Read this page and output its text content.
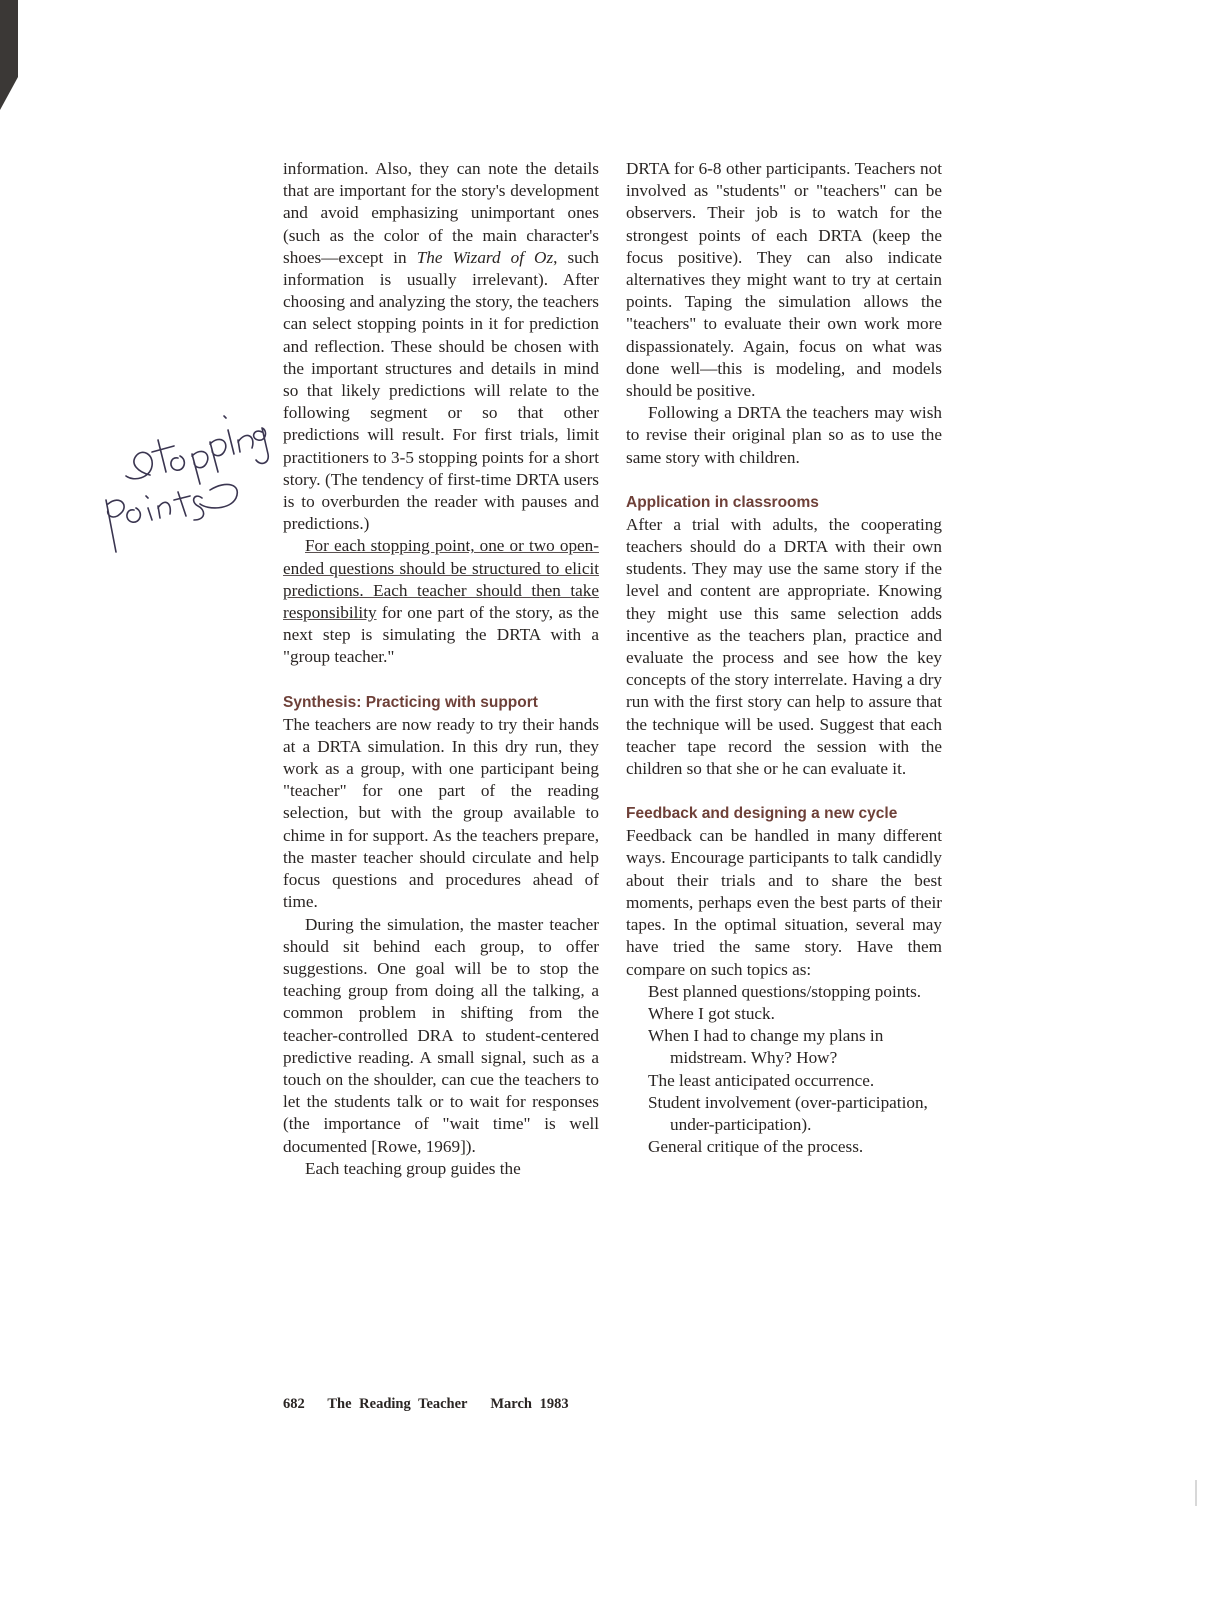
information. Also, they can note the details that are important for the story's development and avoid emphasizing unimportant ones (such as the color of the main character's shoes—except in The Wizard of Oz, such information is usually irrelevant). After choosing and analyzing the story, the teachers can select stopping points in it for prediction and reflection. These should be chosen with the important structures and details in mind so that likely predictions will relate to the following segment or so that other predictions will result. For first trials, limit practitioners to 3-5 stopping points for a short story. (The tendency of first-time DRTA users is to overburden the reader with pauses and predictions.)

For each stopping point, one or two open-ended questions should be structured to elicit predictions. Each teacher should then take responsibility for one part of the story, as the next step is simulating the DRTA with a "group teacher."

Synthesis: Practicing with support

The teachers are now ready to try their hands at a DRTA simulation. In this dry run, they work as a group, with one participant being "teacher" for one part of the reading selection, but with the group available to chime in for support. As the teachers prepare, the master teacher should circulate and help focus questions and procedures ahead of time.

During the simulation, the master teacher should sit behind each group, to offer suggestions. One goal will be to stop the teaching group from doing all the talking, a common problem in shifting from the teacher-controlled DRA to student-centered predictive reading. A small signal, such as a touch on the shoulder, can cue the teachers to let the students talk or to wait for responses (the importance of "wait time" is well documented [Rowe, 1969]).

Each teaching group guides the

DRTA for 6-8 other participants. Teachers not involved as "students" or "teachers" can be observers. Their job is to watch for the strongest points of each DRTA (keep the focus positive). They can also indicate alternatives they might want to try at certain points. Taping the simulation allows the "teachers" to evaluate their own work more dispassionately. Again, focus on what was done well—this is modeling, and models should be positive.

Following a DRTA the teachers may wish to revise their original plan so as to use the same story with children.

Application in classrooms

After a trial with adults, the cooperating teachers should do a DRTA with their own students. They may use the same story if the level and content are appropriate. Knowing they might use this same selection adds incentive as the teachers plan, practice and evaluate the process and see how the key concepts of the story interrelate. Having a dry run with the first story can help to assure that the technique will be used. Suggest that each teacher tape record the session with the children so that she or he can evaluate it.

Feedback and designing a new cycle

Feedback can be handled in many different ways. Encourage participants to talk candidly about their trials and to share the best moments, perhaps even the best parts of their tapes. In the optimal situation, several may have tried the same story. Have them compare on such topics as:

Best planned questions/stopping points.
Where I got stuck.
When I had to change my plans in midstream. Why? How?
The least anticipated occurrence.
Student involvement (over-participation, under-participation).
General critique of the process.
682 The Reading Teacher March 1983
